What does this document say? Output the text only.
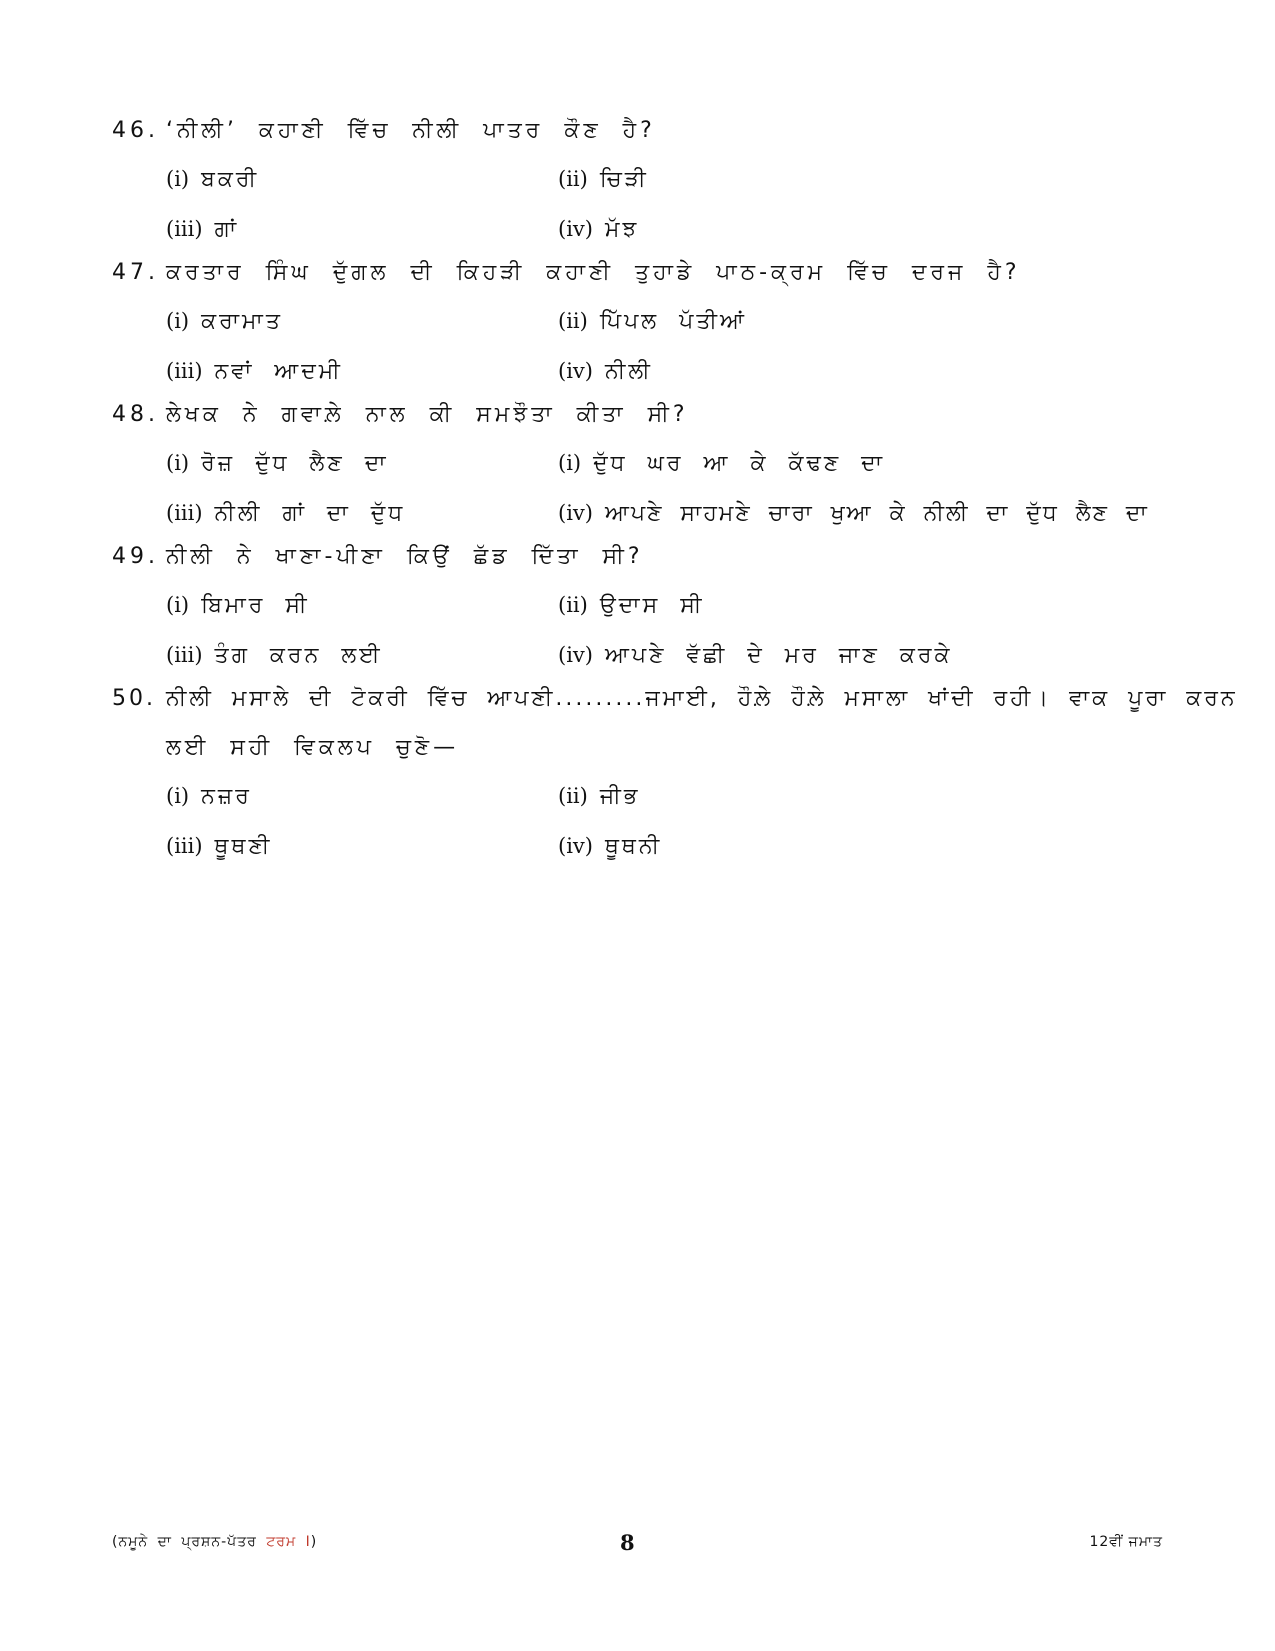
46. ‘ਨੀਲੀ’ ਕਹਾਣੀ ਵਿੱਚ ਨੀਲੀ ਪਾਤਰ ਕੌਣ ਹੈ?
(i) ਬਕਰੀ	(ii) ਚਿੜੀ
(iii) ਗਾਂ	(iv) ਮੱਝ
47. ਕਰਤਾਰ ਸਿੰਘ ਦੁੱਗਲ ਦੀ ਕਿਹੜੀ ਕਹਾਣੀ ਤੁਹਾਡੇ ਪਾਠ-ਕ੍ਰਮ ਵਿੱਚ ਦਰਜ ਹੈ?
(i) ਕਰਾਮਾਤ	(ii) ਪਿੱਪਲ ਪੱਤੀਆਂ
(iii) ਨਵਾਂ ਆਦਮੀ	(iv) ਨੀਲੀ
48. ਲੇਖਕ ਨੇ ਗਵਾਲ਼ੇ ਨਾਲ ਕੀ ਸਮਝੌਤਾ ਕੀਤਾ ਸੀ?
(i) ਰੋਜ਼ ਦੁੱਧ ਲੈਣ ਦਾ	(i) ਦੁੱਧ ਘਰ ਆ ਕੇ ਕੱਢਣ ਦਾ
(iii) ਨੀਲੀ ਗਾਂ ਦਾ ਦੁੱਧ	(iv) ਆਪਣੇ ਸਾਹਮਣੇ ਚਾਰਾ ਖੁਆ ਕੇ ਨੀਲੀ ਦਾ ਦੁੱਧ ਲੈਣ ਦਾ
49. ਨੀਲੀ ਨੇ ਖਾਣਾ-ਪੀਣਾ ਕਿਉਂ ਛੱਡ ਦਿੱਤਾ ਸੀ?
(i) ਬਿਮਾਰ ਸੀ	(ii) ਉਦਾਸ ਸੀ
(iii) ਤੰਗ ਕਰਨ ਲਈ	(iv) ਆਪਣੇ ਵੱਛੀ ਦੇ ਮਰ ਜਾਣ ਕਰਕੇ
50. ਨੀਲੀ ਮਸਾਲੇ ਦੀ ਟੋਕਰੀ ਵਿੱਚ ਆਪਣੀ.........ਜਮਾਈ, ਹੌਲ਼ੇ ਹੌਲ਼ੇ ਮਸਾਲਾ ਖਾਂਦੀ ਰਹੀ। ਵਾਕ ਪੂਰਾ ਕਰਨ
ਲਈ ਸਹੀ ਵਿਕਲਪ ਚੁਣੋ—
(i) ਨਜ਼ਰ	(ii) ਜੀਭ
(iii) ਥੂਥਣੀ	(iv) ਥੂਥਨੀ
(ਨਮੂਨੇ ਦਾ ਪ੍ਰਸ਼ਨ-ਪੱਤਰ ਟਰਮ I)	8	12ਵੀਂ ਜਮਾਤ
